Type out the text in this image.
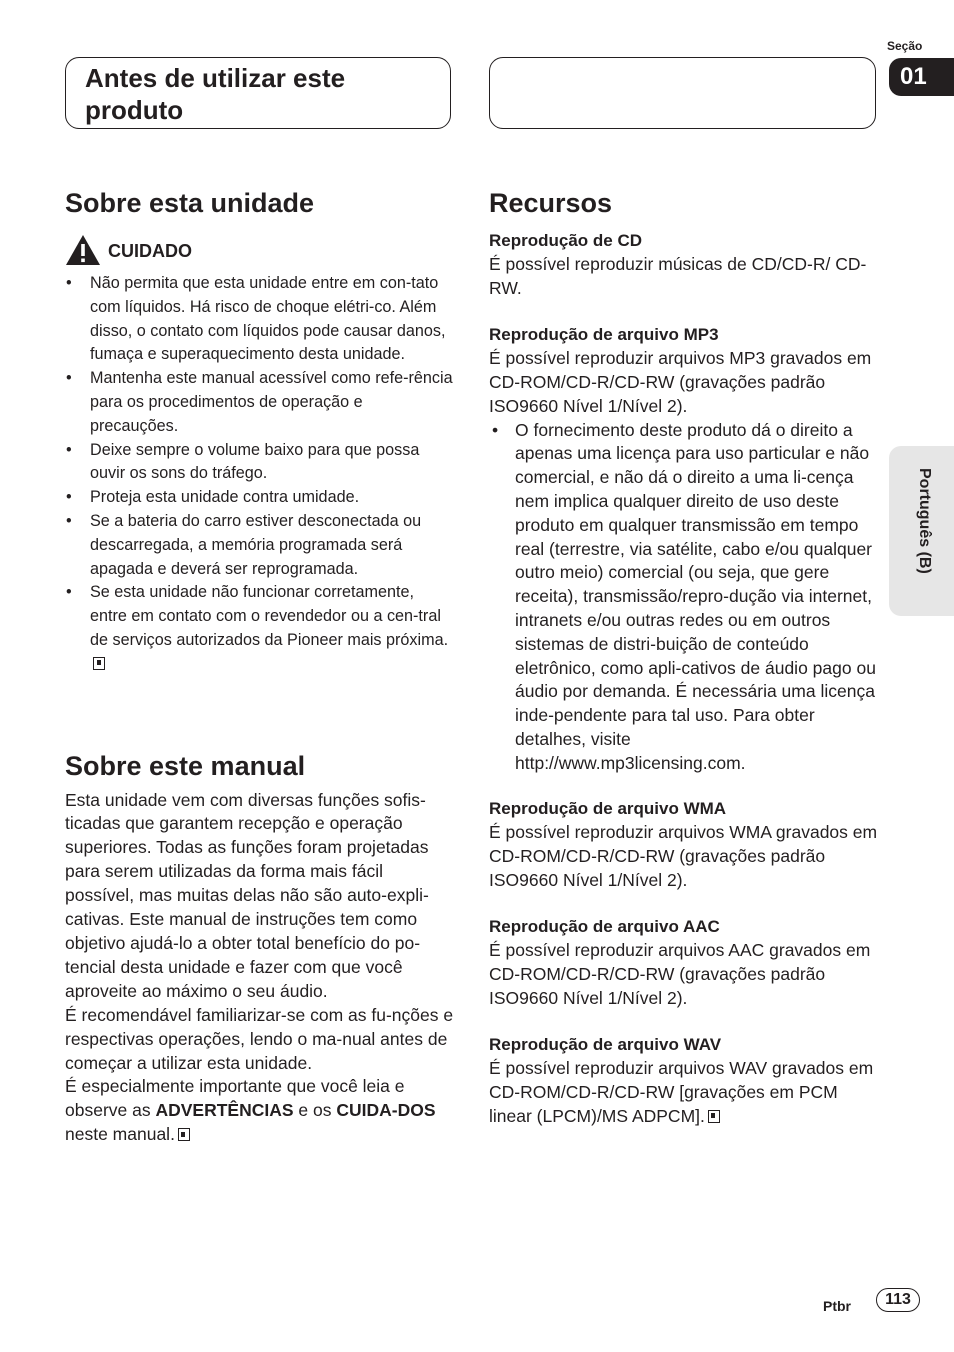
Antes de utilizar este produto
Seção
01
Português (B)
Sobre esta unidade
CUIDADO
• Não permita que esta unidade entre em con-tato com líquidos. Há risco de choque elétri-co. Além disso, o contato com líquidos pode causar danos, fumaça e superaquecimento desta unidade.
• Mantenha este manual acessível como refe-rência para os procedimentos de operação e precauções.
• Deixe sempre o volume baixo para que possa ouvir os sons do tráfego.
• Proteja esta unidade contra umidade.
• Se a bateria do carro estiver desconectada ou descarregada, a memória programada será apagada e deverá ser reprogramada.
• Se esta unidade não funcionar corretamente, entre em contato com o revendedor ou a cen-tral de serviços autorizados da Pioneer mais próxima.
Sobre este manual

Esta unidade vem com diversas funções sofis-ticadas que garantem recepção e operação superiores. Todas as funções foram projetadas para serem utilizadas da forma mais fácil possível, mas muitas delas não são auto-expli-cativas. Este manual de instruções tem como objetivo ajudá-lo a obter total benefício do po-tencial desta unidade e fazer com que você aproveite ao máximo o seu áudio.

É recomendável familiarizar-se com as fu-nções e respectivas operações, lendo o ma-nual antes de começar a utilizar esta unidade.

É especialmente importante que você leia e observe as ADVERTÊNCIAS e os CUIDA-DOS neste manual.

Recursos

Reprodução de CD

É possível reproduzir músicas de CD/CD-R/ CD-RW.

Reprodução de arquivo MP3

É possível reproduzir arquivos MP3 gravados em CD-ROM/CD-R/CD-RW (gravações padrão ISO9660 Nível 1/Nível 2).

• O fornecimento deste produto dá o direito a apenas uma licença para uso particular e não comercial, e não dá o direito a uma li-cença nem implica qualquer direito de uso deste produto em qualquer transmissão em tempo real (terrestre, via satélite, cabo e/ou qualquer outro meio) comercial (ou seja, que gere receita), transmissão/repro-dução via internet, intranets e/ou outras redes ou em outros sistemas de distri-buição de conteúdo eletrônico, como apli-cativos de áudio pago ou áudio por demanda. É necessária uma licença inde-pendente para tal uso. Para obter detalhes, visite
http://www.mp3licensing.com.

Reprodução de arquivo WMA

É possível reproduzir arquivos WMA gravados em CD-ROM/CD-R/CD-RW (gravações padrão ISO9660 Nível 1/Nível 2).

Reprodução de arquivo AAC

É possível reproduzir arquivos AAC gravados em CD-ROM/CD-R/CD-RW (gravações padrão ISO9660 Nível 1/Nível 2).

Reprodução de arquivo WAV

É possível reproduzir arquivos WAV gravados em CD-ROM/CD-R/CD-RW [gravações em PCM linear (LPCM)/MS ADPCM].

Ptbr	113
